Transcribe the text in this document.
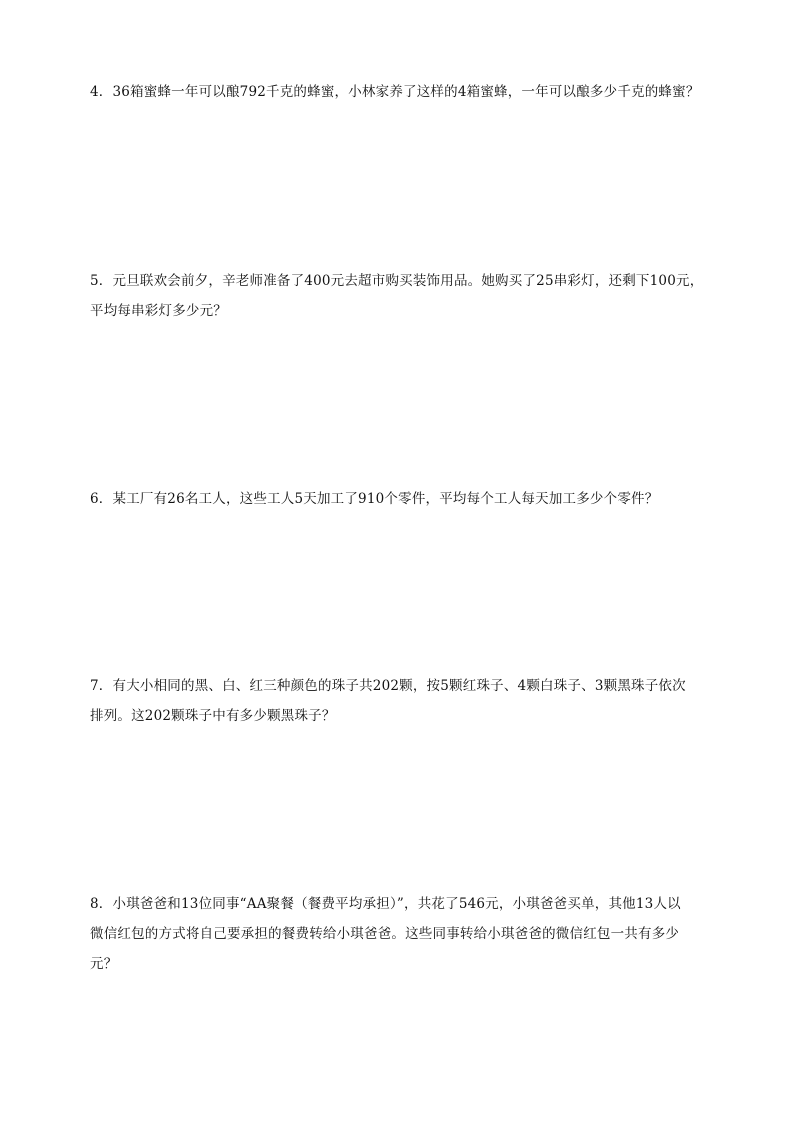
4．36箱蜜蜂一年可以酿792千克的蜂蜜，小林家养了这样的4箱蜜蜂，一年可以酿多少千克的蜂蜜？
5．元旦联欢会前夕，辛老师准备了400元去超市购买装饰用品。她购买了25串彩灯，还剩下100元，
平均每串彩灯多少元？
6．某工厂有26名工人，这些工人5天加工了910个零件，平均每个工人每天加工多少个零件？
7．有大小相同的黑、白、红三种颜色的珠子共202颗，按5颗红珠子、4颗白珠子、3颗黑珠子依次
排列。这202颗珠子中有多少颗黑珠子？
8．小琪爸爸和13位同事“AA聚餐（餐费平均承担）”，共花了546元，小琪爸爸买单，其他13人以
微信红包的方式将自己要承担的餐费转给小琪爸爸。这些同事转给小琪爸爸的微信红包一共有多少
元？
